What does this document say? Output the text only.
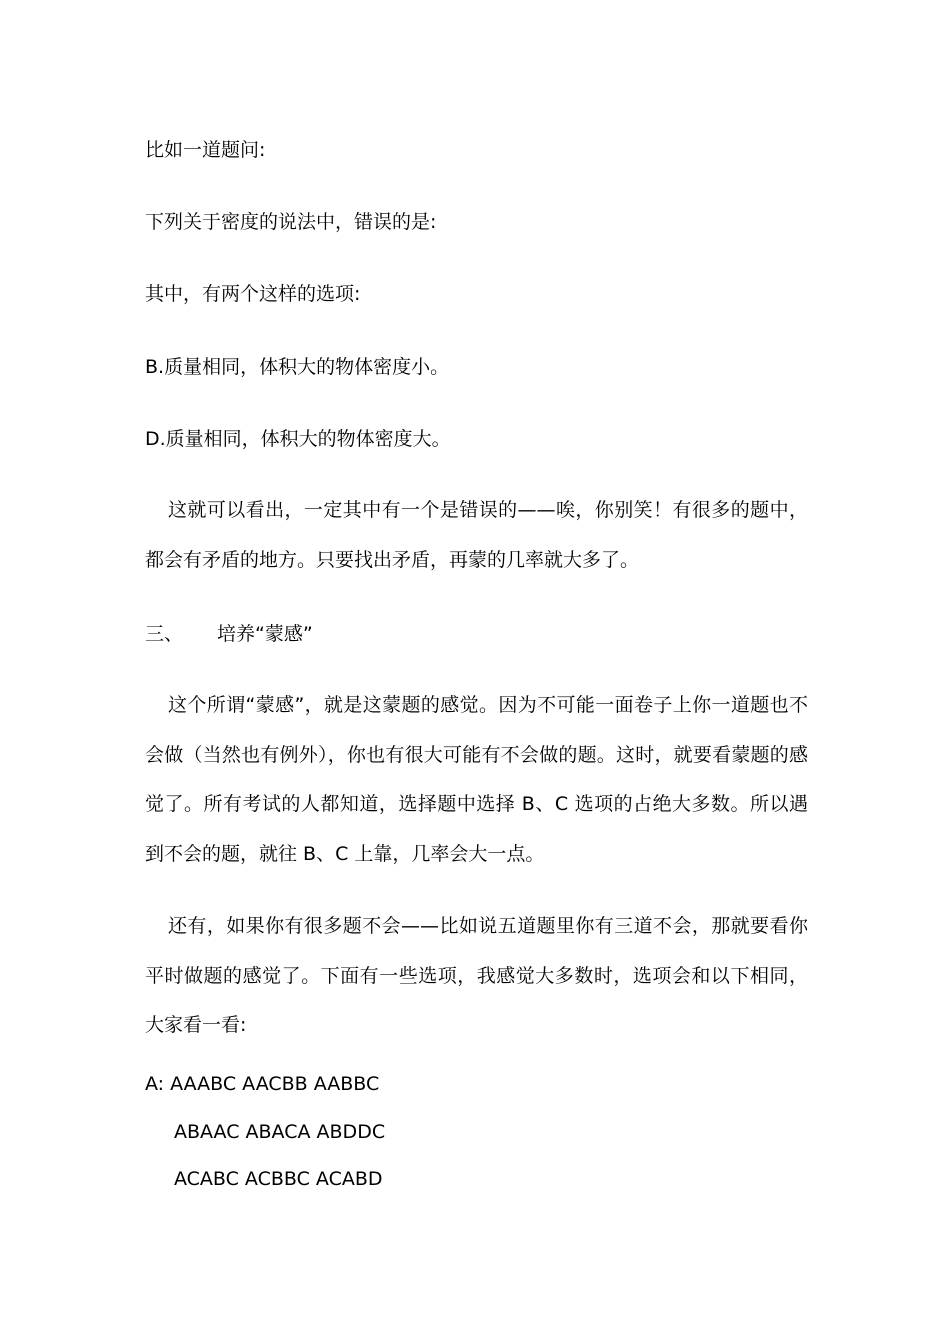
比如一道题问:
下列关于密度的说法中，错误的是:
其中，有两个这样的选项:
B.质量相同，体积大的物体密度小。
D.质量相同，体积大的物体密度大。
这就可以看出，一定其中有一个是错误的——唉，你别笑！有很多的题中，都会有矛盾的地方。只要找出矛盾，再蒙的几率就大多了。
三、 培养“蒙感”
这个所谓“蒙感”，就是这蒙题的感觉。因为不可能一面卷子上你一道题也不会做（当然也有例外），你也有很大可能有不会做的题。这时，就要看蒙题的感觉了。所有考试的人都知道，选择题中选择 B、C 选项的占绝大多数。所以遇到不会的题，就往 B、C 上靠，几率会大一点。
还有，如果你有很多题不会——比如说五道题里你有三道不会，那就要看你平时做题的感觉了。下面有一些选项，我感觉大多数时，选项会和以下相同，大家看一看:
A: AAABC AACBB AABBC
ABAAC ABACA ABDDC
ACABC ACBBC ACABD
